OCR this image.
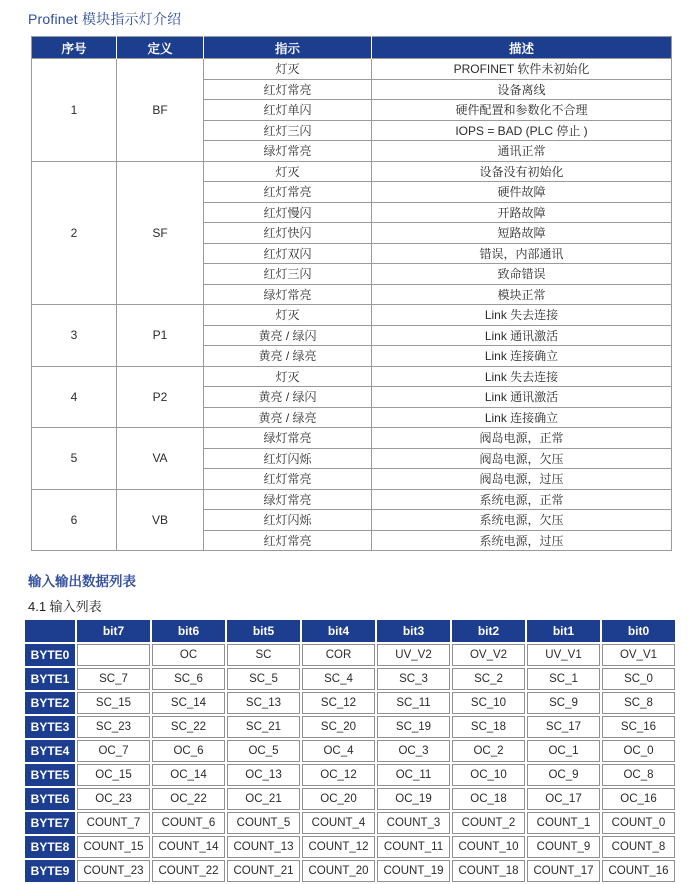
Profinet 模块指示灯介绍
序号	定义	指示	描述
1	BF	灯灭	PROFINET 软件未初始化
		红灯常亮	设备离线
		红灯单闪	硬件配置和参数化不合理
		红灯三闪	IOPS = BAD (PLC 停止 )
		绿灯常亮	通讯正常
2	SF	灯灭	设备没有初始化
		红灯常亮	硬件故障
		红灯慢闪	开路故障
		红灯快闪	短路故障
		红灯双闪	错误，内部通讯
		红灯三闪	致命错误
		绿灯常亮	模块正常
3	P1	灯灭	Link 失去连接
		黄亮 / 绿闪	Link 通讯激活
		黄亮 / 绿亮	Link 连接确立
4	P2	灯灭	Link 失去连接
		黄亮 / 绿闪	Link 通讯激活
		黄亮 / 绿亮	Link 连接确立
5	VA	绿灯常亮	阀岛电源，正常
		红灯闪烁	阀岛电源，欠压
		红灯常亮	阀岛电源，过压
6	VB	绿灯常亮	系统电源，正常
		红灯闪烁	系统电源，欠压
		红灯常亮	系统电源，过压
输入输出数据列表
4.1 输入列表
	bit7	bit6	bit5	bit4	bit3	bit2	bit1	bit0
BYTE0		OC	SC	COR	UV_V2	OV_V2	UV_V1	OV_V1
BYTE1	SC_7	SC_6	SC_5	SC_4	SC_3	SC_2	SC_1	SC_0
BYTE2	SC_15	SC_14	SC_13	SC_12	SC_11	SC_10	SC_9	SC_8
BYTE3	SC_23	SC_22	SC_21	SC_20	SC_19	SC_18	SC_17	SC_16
BYTE4	OC_7	OC_6	OC_5	OC_4	OC_3	OC_2	OC_1	OC_0
BYTE5	OC_15	OC_14	OC_13	OC_12	OC_11	OC_10	OC_9	OC_8
BYTE6	OC_23	OC_22	OC_21	OC_20	OC_19	OC_18	OC_17	OC_16
BYTE7	COUNT_7	COUNT_6	COUNT_5	COUNT_4	COUNT_3	COUNT_2	COUNT_1	COUNT_0
BYTE8	COUNT_15	COUNT_14	COUNT_13	COUNT_12	COUNT_11	COUNT_10	COUNT_9	COUNT_8
BYTE9	COUNT_23	COUNT_22	COUNT_21	COUNT_20	COUNT_19	COUNT_18	COUNT_17	COUNT_16
